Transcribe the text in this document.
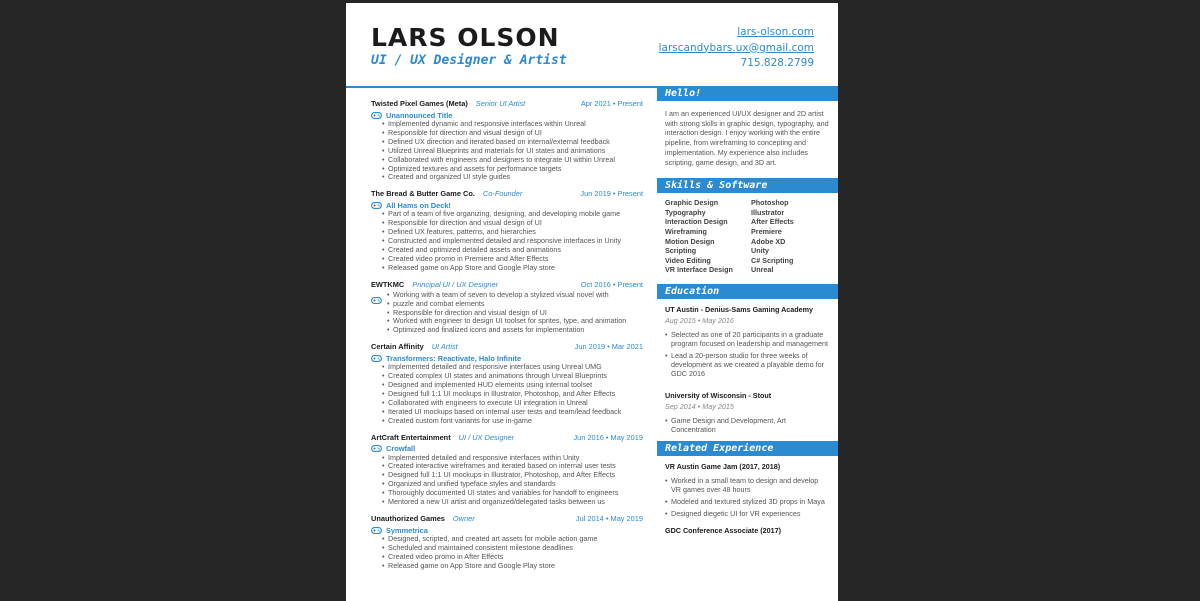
LARS OLSON
UI / UX Designer & Artist
lars-olson.com
larscandybars.ux@gmail.com
715.828.2799
Twisted Pixel Games (Meta) Senior UI Artist	Apr 2021 • Present
Unannounced Title
• Implemented dynamic and responsive interfaces within Unreal
• Responsible for direction and visual design of UI
• Defined UX direction and iterated based on internal/external feedback
• Utilized Unreal Blueprints and materials for UI states and animations
• Collaborated with engineers and designers to integrate UI within Unreal
• Optimized textures and assets for performance targets
• Created and organized UI style guides
The Bread & Butter Game Co. Co-Founder	Jun 2019 • Present
All Hams on Deck!
• Part of a team of five organizing, designing, and developing mobile game
• Responsible for direction and visual design of UI
• Defined UX features, patterns, and hierarchies
• Constructed and implemented detailed and responsive interfaces in Unity
• Created and optimized detailed assets and animations
• Created video promo in Premiere and After Effects
• Released game on App Store and Google Play store
EWTKMC Principal UI / UX Designer	Oct 2016 • Present
• Working with a team of seven to develop a stylized visual novel with
• puzzle and combat elements
• Responsible for direction and visual design of UI
• Worked with engineer to design UI toolset for sprites, type, and animation
• Optimized and finalized icons and assets for implementation
Certain Affinity UI Artist	Jun 2019 • Mar 2021
Transformers: Reactivate, Halo Infinite
• Implemented detailed and responsive interfaces using Unreal UMG
• Created complex UI states and animations through Unreal Blueprints
• Designed and implemented HUD elements using internal toolset
• Designed full 1:1 UI mockups in Illustrator, Photoshop, and After Effects
• Collaborated with engineers to execute UI integration in Unreal
• Iterated UI mockups based on internal user tests and team/lead feedback
• Created custom font variants for use in-game
ArtCraft Entertainment UI / UX Designer	Jun 2016 • May 2019
Crowfall
• Implemented detailed and responsive interfaces within Unity
• Created interactive wireframes and iterated based on internal user tests
• Designed full 1:1 UI mockups in Illustrator, Photoshop, and After Effects
• Organized and unified typeface styles and standards
• Thoroughly documented UI states and variables for handoff to engineers
• Mentored a new UI artist and organized/delegated tasks between us
Unauthorized Games Owner	Jul 2014 • May 2019
Symmetrica
• Designed, scripted, and created art assets for mobile action game
• Scheduled and maintained consistent milestone deadlines
• Created video promo in After Effects
• Released game on App Store and Google Play store
Hello!
I am an experienced UI/UX designer and 2D artist with strong skills in graphic design, typography, and interaction design. I enjoy working with the entire pipeline, from wireframing to concepting and implementation. My experience also includes scripting, game design, and 3D art.
Skills & Software
Graphic Design	Photoshop
Typography	Illustrator
Interaction Design	After Effects
Wireframing	Premiere
Motion Design	Adobe XD
Scripting	Unity
Video Editing	C# Scripting
VR Interface Design	Unreal
Education
UT Austin - Denius-Sams Gaming Academy
Aug 2015 • May 2016
• Selected as one of 20 participants in a graduate program focused on leadership and management
• Lead a 20-person studio for three weeks of development as we created a playable demo for GDC 2016
University of Wisconsin - Stout
Sep 2014 • May 2015
• Game Design and Development, Art Concentration
Related Experience
VR Austin Game Jam (2017, 2018)
• Worked in a small team to design and develop VR games over 48 hours
• Modeled and textured stylized 3D props in Maya
• Designed diegetic UI for VR experiences
GDC Conference Associate (2017)
